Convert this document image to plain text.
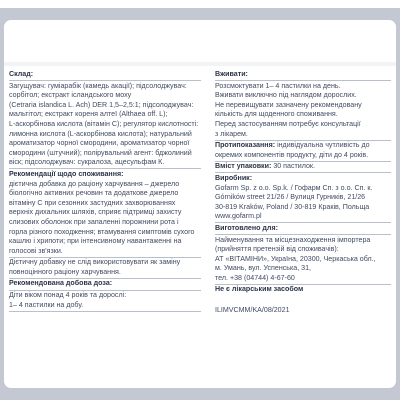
Склад:
Загущувач: гуміарабік (камедь акації); підсолоджувач:
сорбітол; екстракт ісландського моху
(Cetraria islandica L. Ach) DER 1,5–2,5:1; підсолоджувач:
мальтітол; екстракт кореня алтеї (Althaea off. L);
L-аскорбінова кислота (вітамін С); регулятор кислотності:
лимонна кислота (L-аскорбінова кислота); натуральний
ароматизатор чорної смородини, ароматизатор чорної
смородини (штучний); полірувальний агент: бджолиний
віск; підсолоджувач: сукралоза, ацесульфам К.
Рекомендації щодо споживання:
дієтична добавка до раціону харчування – джерело
біологічно активних речовин та додаткове джерело
вітаміну С при сезонних застудних захворюваннях
верхніх дихальних шляхів, сприяє підтримці захисту
слизових оболонок при запаленні порожнини рота і
горла різного походження; втамування симптомів сухого
кашлю і хрипоти; при інтенсивному навантаженні на
голосові зв'язки.
Дієтичну добавку не слід використовувати як заміну
повноцінного раціону харчування.
Рекомендована добова доза:
Діти віком понад 4 років та дорослі:
1– 4 пастилки на добу.
Вживати:
Розсмоктувати 1– 4 пастилки на день.
Вживати виключно під наглядом дорослих.
Не перевищувати зазначену рекомендовану
кількість для щоденного споживання.
Перед застосуванням потребує консультації
з лікарем.
Протипоказання: індивідуальна чутливість до
окремих компонентів продукту, діти до 4 років.
Вміст упаковки: 30 пастилок.
Виробник:
Gofarm Sp. z o.o. Sp.k. / Гофарм Сп. з о.о. Сп. к.
Górników street 21/26 / Вулиця Гурників, 21/26
30-819 Kraków, Poland / 30-819 Краків, Польща
www.gofarm.pl
Виготовлено для:
Найменування та місцезнаходження імпортера
(прийняття претензій від споживачів):
АТ «ВІТАМІНИ», Україна, 20300, Черкаська обл.,
м. Умань, вул. Успенська, 31,
тел. +38 (04744) 4-67-60
Не є лікарським засобом
ILIMVCMM/KA/08/2021
